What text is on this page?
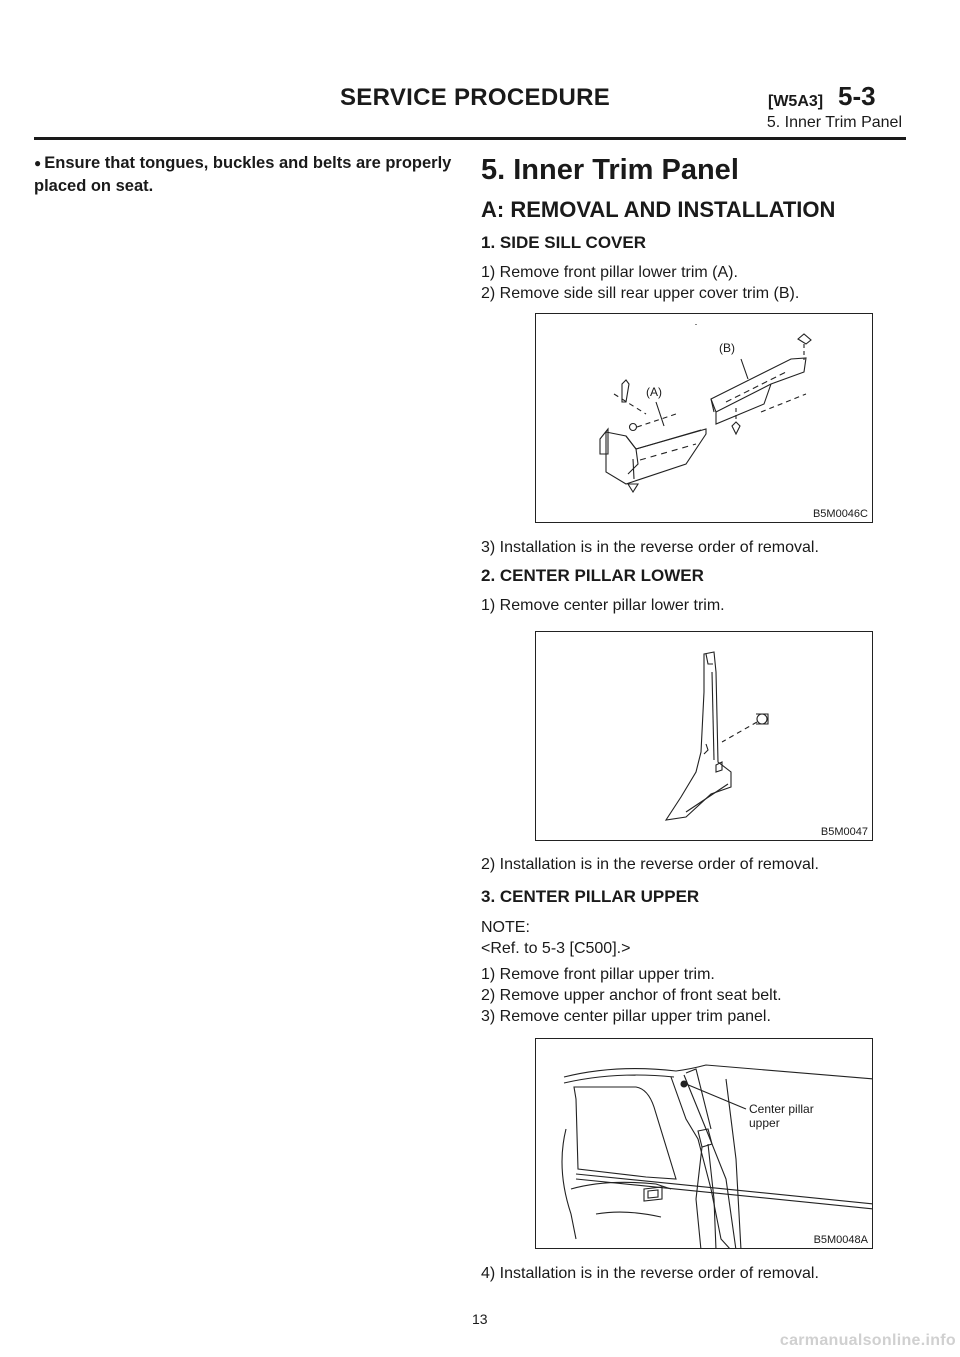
SERVICE PROCEDURE	[W5A3] 5-3
5. Inner Trim Panel
● Ensure that tongues, buckles and belts are properly placed on seat.	5. Inner Trim Panel
A: REMOVAL AND INSTALLATION
1. SIDE SILL COVER
1) Remove front pillar lower trim (A).
2) Remove side sill rear upper cover trim (B).
(B)
(A)
B5M0046C
3) Installation is in the reverse order of removal.
2. CENTER PILLAR LOWER
1) Remove center pillar lower trim.
B5M0047
2) Installation is in the reverse order of removal.
3. CENTER PILLAR UPPER
NOTE:
<Ref. to 5-3 [C500].>
1) Remove front pillar upper trim.
2) Remove upper anchor of front seat belt.
3) Remove center pillar upper trim panel.
Center pillar
upper
B5M0048A
4) Installation is in the reverse order of removal.
13
carmanualsonline.info
